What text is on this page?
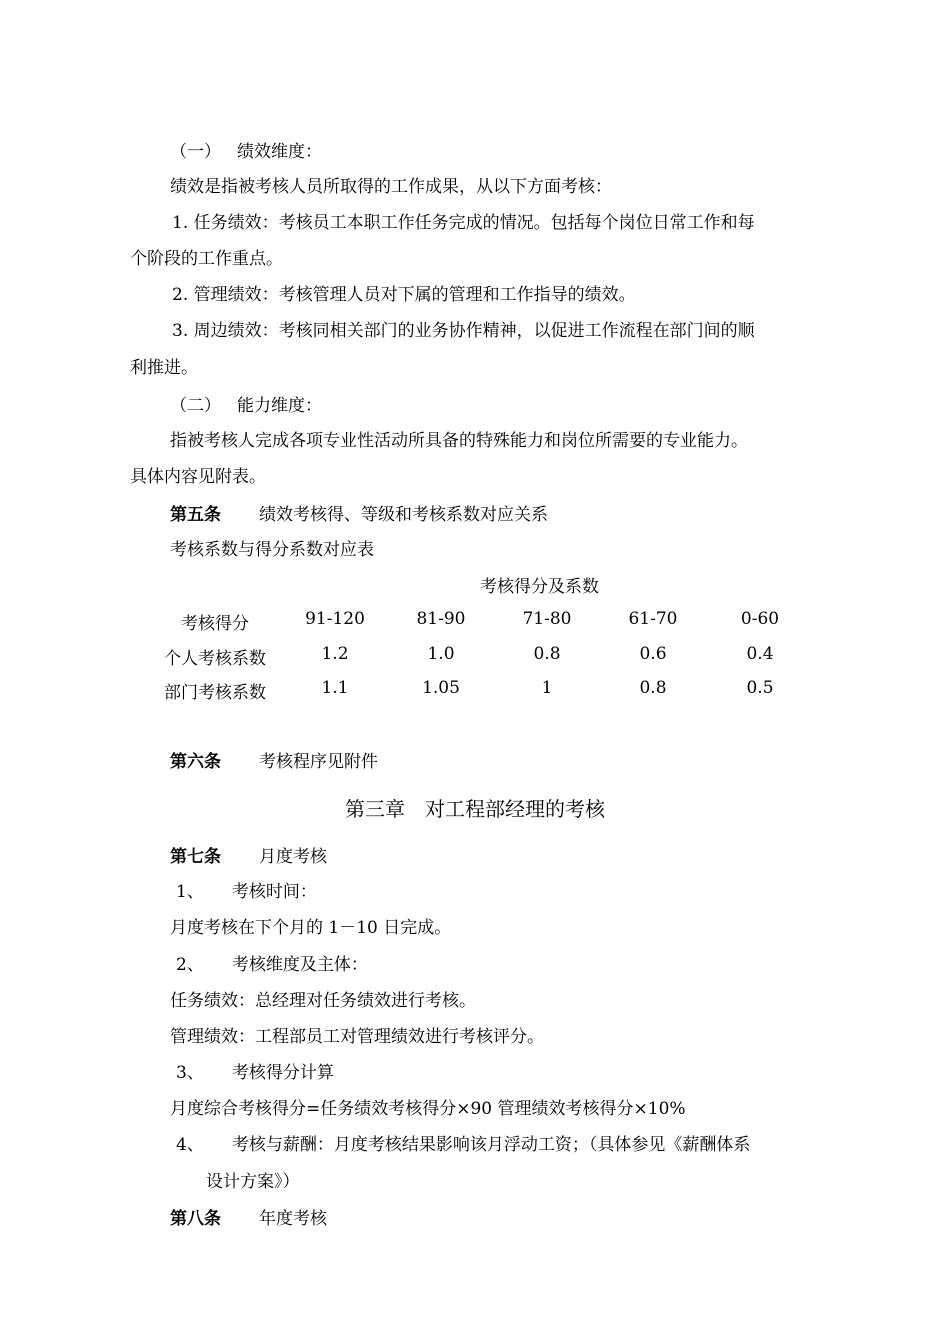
（一） 绩效维度：
绩效是指被考核人员所取得的工作成果，从以下方面考核：
1. 任务绩效：考核员工本职工作任务完成的情况。包括每个岗位日常工作和每
个阶段的工作重点。
2. 管理绩效：考核管理人员对下属的管理和工作指导的绩效。
3. 周边绩效：考核同相关部门的业务协作精神，以促进工作流程在部门间的顺
利推进。
（二） 能力维度：
指被考核人完成各项专业性活动所具备的特殊能力和岗位所需要的专业能力。
具体内容见附表。
第五条 绩效考核得、等级和考核系数对应关系
考核系数与得分系数对应表
考核得分及系数
考核得分	91-120	81-90	71-80	61-70	0-60
个人考核系数	1.2	1.0	0.8	0.6	0.4
部门考核系数	1.1	1.05	1	0.8	0.5
第六条 考核程序见附件
第三章　对工程部经理的考核
第七条 月度考核
1、 考核时间：
月度考核在下个月的 1－10 日完成。
2、 考核维度及主体：
任务绩效：总经理对任务绩效进行考核。
管理绩效：工程部员工对管理绩效进行考核评分。
3、 考核得分计算
月度综合考核得分=任务绩效考核得分×90 管理绩效考核得分×10%
4、 考核与薪酬：月度考核结果影响该月浮动工资；（具体参见《薪酬体系
设计方案》）
第八条 年度考核
